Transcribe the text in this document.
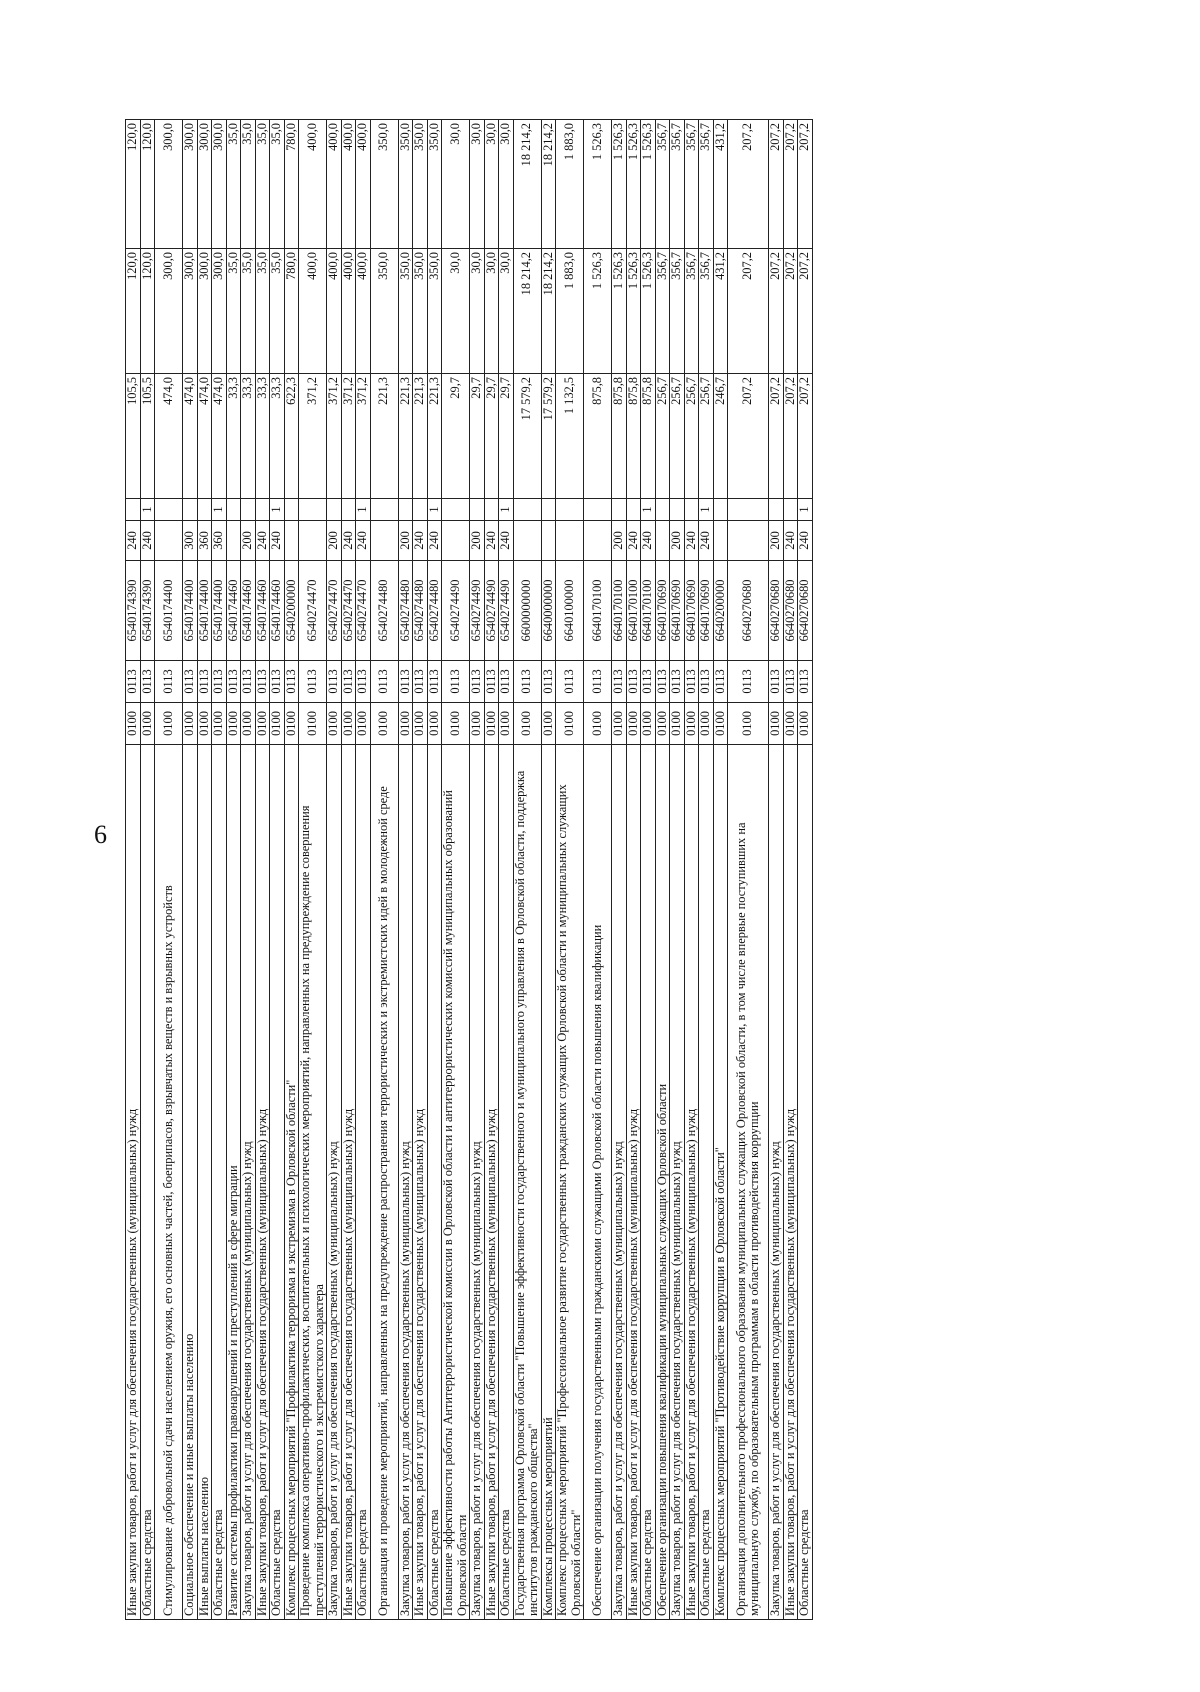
6
Иные закупки товаров, работ и услуг для обеспечения государственных (муниципальных) нужд	0100	0113	6540174390	240		105,5	120,0	120,0
Областные средства	0100	0113	6540174390	240	1	105,5	120,0	120,0
Стимулирование добровольной сдачи населением оружия, его основных частей, боеприпасов, взрывчатых веществ и взрывных устройств	0100	0113	6540174400			474,0	300,0	300,0
Социальное обеспечение и иные выплаты населению	0100	0113	6540174400	300		474,0	300,0	300,0
Иные выплаты населению	0100	0113	6540174400	360		474,0	300,0	300,0
Областные средства	0100	0113	6540174400	360	1	474,0	300,0	300,0
Развитие системы профилактики правонарушений и преступлений в сфере миграции	0100	0113	6540174460			33,3	35,0	35,0
Закупка товаров, работ и услуг для обеспечения государственных (муниципальных) нужд	0100	0113	6540174460	200		33,3	35,0	35,0
Иные закупки товаров, работ и услуг для обеспечения государственных (муниципальных) нужд	0100	0113	6540174460	240		33,3	35,0	35,0
Областные средства	0100	0113	6540174460	240	1	33,3	35,0	35,0
Комплекс процессных мероприятий "Профилактика терроризма и экстремизма в Орловской области"	0100	0113	6540200000			622,3	780,0	780,0
Проведение комплекса оперативно-профилактических, воспитательных и психологических мероприятий, направленных на предупреждение совершения преступлений террористического и экстремистского характера	0100	0113	6540274470			371,2	400,0	400,0
Закупка товаров, работ и услуг для обеспечения государственных (муниципальных) нужд	0100	0113	6540274470	200		371,2	400,0	400,0
Иные закупки товаров, работ и услуг для обеспечения государственных (муниципальных) нужд	0100	0113	6540274470	240		371,2	400,0	400,0
Областные средства	0100	0113	6540274470	240	1	371,2	400,0	400,0
Организация и проведение мероприятий, направленных на предупреждение распространения террористических и экстремистских идей в молодежной среде	0100	0113	6540274480			221,3	350,0	350,0
Закупка товаров, работ и услуг для обеспечения государственных (муниципальных) нужд	0100	0113	6540274480	200		221,3	350,0	350,0
Иные закупки товаров, работ и услуг для обеспечения государственных (муниципальных) нужд	0100	0113	6540274480	240		221,3	350,0	350,0
Областные средства	0100	0113	6540274480	240	1	221,3	350,0	350,0
Повышение эффективности работы Антитеррористической комиссии в Орловской области и антитеррористических комиссий муниципальных образований Орловской области	0100	0113	6540274490			29,7	30,0	30,0
Закупка товаров, работ и услуг для обеспечения государственных (муниципальных) нужд	0100	0113	6540274490	200		29,7	30,0	30,0
Иные закупки товаров, работ и услуг для обеспечения государственных (муниципальных) нужд	0100	0113	6540274490	240		29,7	30,0	30,0
Областные средства	0100	0113	6540274490	240	1	29,7	30,0	30,0
Государственная программа Орловской области "Повышение эффективности государственного и муниципального управления в Орловской области, поддержка институтов гражданского общества"	0100	0113	6600000000			17 579,2	18 214,2	18 214,2
Комплексы процессных мероприятий	0100	0113	6640000000			17 579,2	18 214,2	18 214,2
Комплекс процессных мероприятий "Профессиональное развитие государственных гражданских служащих Орловской области и муниципальных служащих Орловской области"	0100	0113	6640100000			1 132,5	1 883,0	1 883,0
Обеспечение организации получения государственными гражданскими служащими Орловской области повышения квалификации	0100	0113	6640170100			875,8	1 526,3	1 526,3
Закупка товаров, работ и услуг для обеспечения государственных (муниципальных) нужд	0100	0113	6640170100	200		875,8	1 526,3	1 526,3
Иные закупки товаров, работ и услуг для обеспечения государственных (муниципальных) нужд	0100	0113	6640170100	240		875,8	1 526,3	1 526,3
Областные средства	0100	0113	6640170100	240	1	875,8	1 526,3	1 526,3
Обеспечение организации повышения квалификации муниципальных служащих Орловской области	0100	0113	6640170690			256,7	356,7	356,7
Закупка товаров, работ и услуг для обеспечения государственных (муниципальных) нужд	0100	0113	6640170690	200		256,7	356,7	356,7
Иные закупки товаров, работ и услуг для обеспечения государственных (муниципальных) нужд	0100	0113	6640170690	240		256,7	356,7	356,7
Областные средства	0100	0113	6640170690	240	1	256,7	356,7	356,7
Комплекс процессных мероприятий "Противодействие коррупции в Орловской области"	0100	0113	6640200000			246,7	431,2	431,2
Организация дополнительного профессионального образования муниципальных служащих Орловской области, в том числе впервые поступивших на муниципальную службу, по образовательным программам в области противодействия коррупции	0100	0113	6640270680			207,2	207,2	207,2
Закупка товаров, работ и услуг для обеспечения государственных (муниципальных) нужд	0100	0113	6640270680	200		207,2	207,2	207,2
Иные закупки товаров, работ и услуг для обеспечения государственных (муниципальных) нужд	0100	0113	6640270680	240		207,2	207,2	207,2
Областные средства	0100	0113	6640270680	240	1	207,2	207,2	207,2
